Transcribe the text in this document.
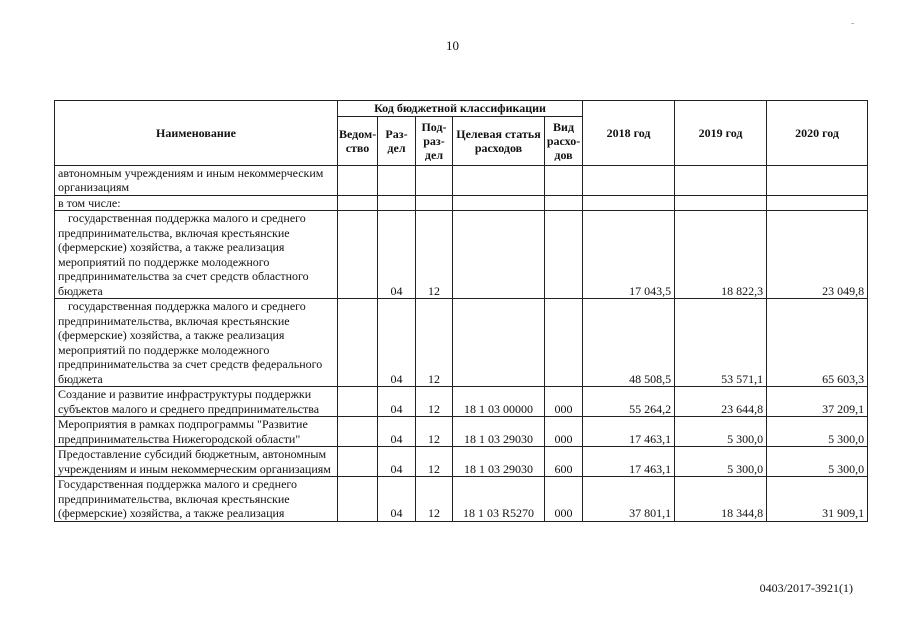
10
-
Наименование	Код бюджетной классификации					2018 год	2019 год	2020 год
	Ведом-ство	Раз-дел	Под-раз-дел	Целевая статья расходов	Вид расхо-дов			
автономным учреждениям и иным некоммерческим организациям								
в том числе:								
государственная поддержка малого и среднего предпринимательства, включая крестьянские (фермерские) хозяйства, а также реализация мероприятий по поддержке молодежного предпринимательства за счет средств областного бюджета		04	12			17 043,5	18 822,3	23 049,8
государственная поддержка малого и среднего предпринимательства, включая крестьянские (фермерские) хозяйства, а также реализация мероприятий по поддержке молодежного предпринимательства за счет средств федерального бюджета		04	12			48 508,5	53 571,1	65 603,3
Создание и развитие инфраструктуры поддержки субъектов малого и среднего предпринимательства		04	12	18 1 03 00000	000	55 264,2	23 644,8	37 209,1
Мероприятия в рамках подпрограммы "Развитие предпринимательства Нижегородской области"		04	12	18 1 03 29030	000	17 463,1	5 300,0	5 300,0
Предоставление субсидий бюджетным, автономным учреждениям и иным некоммерческим организациям		04	12	18 1 03 29030	600	17 463,1	5 300,0	5 300,0
Государственная поддержка малого и среднего предпринимательства, включая крестьянские (фермерские) хозяйства, а также реализация		04	12	18 1 03 R5270	000	37 801,1	18 344,8	31 909,1
0403/2017-3921(1)
